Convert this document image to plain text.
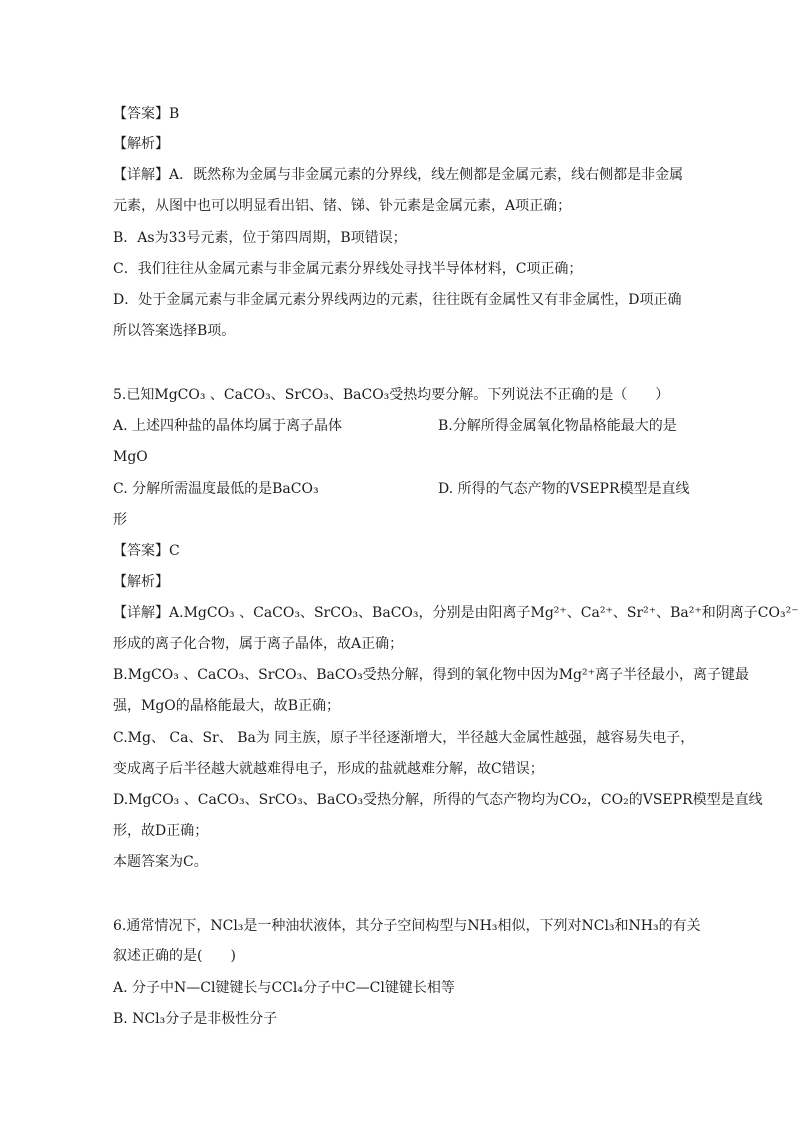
【答案】B
【解析】
【详解】A．既然称为金属与非金属元素的分界线，线左侧都是金属元素，线右侧都是非金属
元素，从图中也可以明显看出铝、锗、锑、钋元素是金属元素，A项正确；
B．As为33号元素，位于第四周期，B项错误；
C．我们往往从金属元素与非金属元素分界线处寻找半导体材料，C项正确；
D．处于金属元素与非金属元素分界线两边的元素，往往既有金属性又有非金属性，D项正确
所以答案选择B项。
5.已知MgCO₃ 、CaCO₃、SrCO₃、BaCO₃受热均要分解。下列说法不正确的是（　　）
A. 上述四种盐的晶体均属于离子晶体	B.分解所得金属氧化物晶格能最大的是
MgO
C. 分解所需温度最低的是BaCO₃	D. 所得的气态产物的VSEPR模型是直线
形
【答案】C
【解析】
【详解】A.MgCO₃ 、CaCO₃、SrCO₃、BaCO₃，分别是由阳离子Mg²⁺、Ca²⁺、Sr²⁺、Ba²⁺和阴离子CO₃²⁻
形成的离子化合物，属于离子晶体，故A正确；
B.MgCO₃ 、CaCO₃、SrCO₃、BaCO₃受热分解，得到的氧化物中因为Mg²⁺离子半径最小，离子键最
强，MgO的晶格能最大，故B正确；
C.Mg、 Ca、Sr、 Ba为 同主族，原子半径逐渐增大，半径越大金属性越强，越容易失电子，
变成离子后半径越大就越难得电子，形成的盐就越难分解，故C错误；
D.MgCO₃ 、CaCO₃、SrCO₃、BaCO₃受热分解，所得的气态产物均为CO₂，CO₂的VSEPR模型是直线
形，故D正确；
本题答案为C。
6.通常情况下，NCl₃是一种油状液体，其分子空间构型与NH₃相似，下列对NCl₃和NH₃的有关
叙述正确的是(　　)
A. 分子中N—Cl键键长与CCl₄分子中C—Cl键键长相等
B. NCl₃分子是非极性分子
